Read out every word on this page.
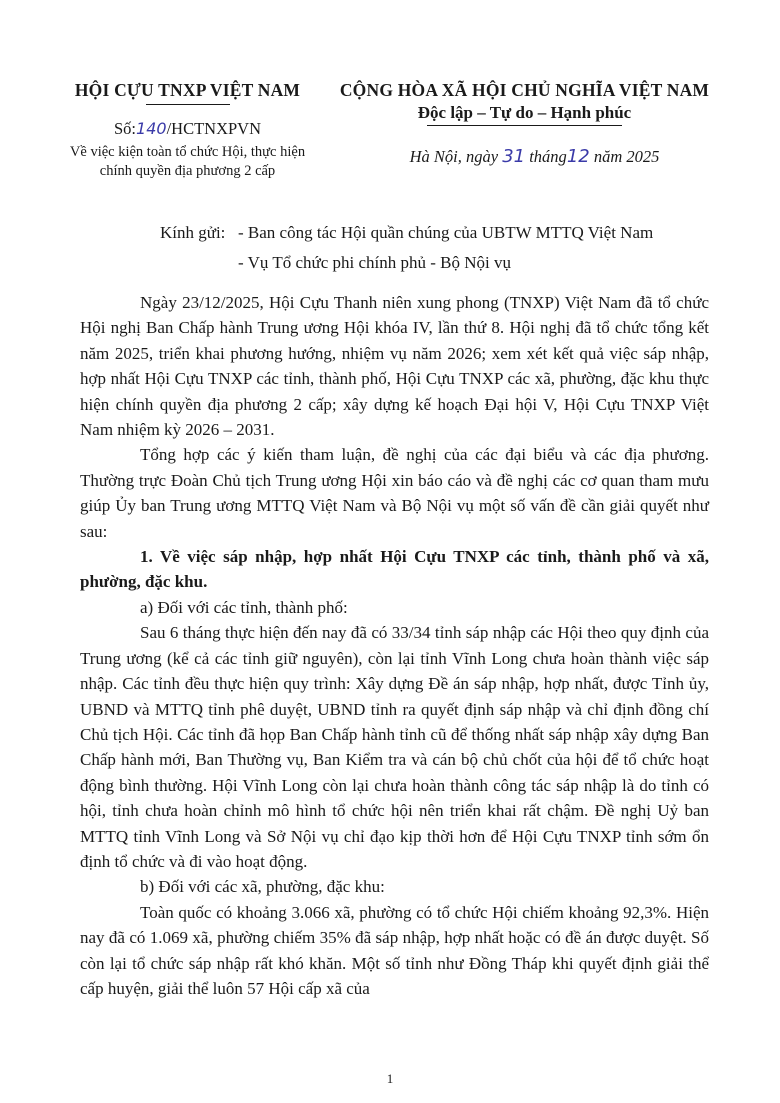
HỘI CỰU TNXP VIỆT NAM
Số:140/HCTNXPVN
Về việc kiện toàn tổ chức Hội, thực hiện chính quyền địa phương 2 cấp
CỘNG HÒA XÃ HỘI CHỦ NGHĨA VIỆT NAM
Độc lập – Tự do – Hạnh phúc
Hà Nội, ngày 31 tháng12 năm 2025
Kính gửi: - Ban công tác Hội quần chúng của UBTW MTTQ Việt Nam
- Vụ Tổ chức phi chính phủ - Bộ Nội vụ

Ngày 23/12/2025, Hội Cựu Thanh niên xung phong (TNXP) Việt Nam đã tổ chức Hội nghị Ban Chấp hành Trung ương Hội khóa IV, lần thứ 8. Hội nghị đã tổ chức tổng kết năm 2025, triển khai phương hướng, nhiệm vụ năm 2026; xem xét kết quả việc sáp nhập, hợp nhất Hội Cựu TNXP các tỉnh, thành phố, Hội Cựu TNXP các xã, phường, đặc khu thực hiện chính quyền địa phương 2 cấp; xây dựng kế hoạch Đại hội V, Hội Cựu TNXP Việt Nam nhiệm kỳ 2026 – 2031.

Tổng hợp các ý kiến tham luận, đề nghị của các đại biểu và các địa phương. Thường trực Đoàn Chủ tịch Trung ương Hội xin báo cáo và đề nghị các cơ quan tham mưu giúp Ủy ban Trung ương MTTQ Việt Nam và Bộ Nội vụ một số vấn đề cần giải quyết như sau:

1. Về việc sáp nhập, hợp nhất Hội Cựu TNXP các tỉnh, thành phố và xã, phường, đặc khu.

a) Đối với các tỉnh, thành phố:

Sau 6 tháng thực hiện đến nay đã có 33/34 tỉnh sáp nhập các Hội theo quy định của Trung ương (kể cả các tỉnh giữ nguyên), còn lại tỉnh Vĩnh Long chưa hoàn thành việc sáp nhập. Các tỉnh đều thực hiện quy trình: Xây dựng Đề án sáp nhập, hợp nhất, được Tỉnh ủy, UBND và MTTQ tỉnh phê duyệt, UBND tỉnh ra quyết định sáp nhập và chỉ định đồng chí Chủ tịch Hội. Các tỉnh đã họp Ban Chấp hành tỉnh cũ để thống nhất sáp nhập xây dựng Ban Chấp hành mới, Ban Thường vụ, Ban Kiểm tra và cán bộ chủ chốt của hội để tổ chức hoạt động bình thường. Hội Vĩnh Long còn lại chưa hoàn thành công tác sáp nhập là do tỉnh có hội, tỉnh chưa hoàn chỉnh mô hình tổ chức hội nên triển khai rất chậm. Đề nghị Uỷ ban MTTQ tỉnh Vĩnh Long và Sở Nội vụ chỉ đạo kịp thời hơn để Hội Cựu TNXP tỉnh sớm ổn định tổ chức và đi vào hoạt động.

b) Đối với các xã, phường, đặc khu:

Toàn quốc có khoảng 3.066 xã, phường có tổ chức Hội chiếm khoảng 92,3%. Hiện nay đã có 1.069 xã, phường chiếm 35% đã sáp nhập, hợp nhất hoặc có đề án được duyệt. Số còn lại tổ chức sáp nhập rất khó khăn. Một số tỉnh như Đồng Tháp khi quyết định giải thể cấp huyện, giải thể luôn 57 Hội cấp xã của

1
